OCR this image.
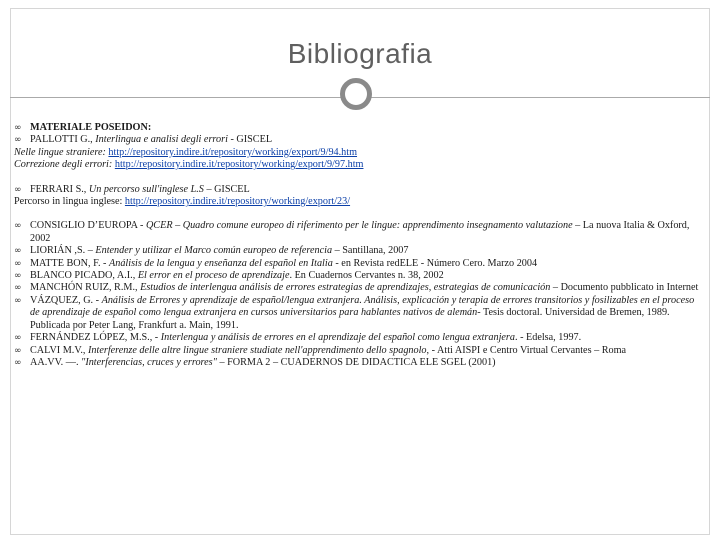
Bibliografia

∞ MATERIALE POSEIDON:

∞ PALLOTTI G., Interlingua e analisi degli errori - GISCEL

Nelle lingue straniere: http://repository.indire.it/repository/working/export/9/94.htm

Correzione degli errori: http://repository.indire.it/repository/working/export/9/97.htm

∞ FERRARI S., Un percorso sull'inglese L.S – GISCEL

Percorso in lingua inglese: http://repository.indire.it/repository/working/export/23/

∞ CONSIGLIO D’EUROPA - QCER – Quadro comune europeo di riferimento per le lingue: apprendimento insegnamento valutazione – La nuova Italia & Oxford, 2002

∞ LIORIÁN ,S. – Entender y utilizar el Marco común europeo de referencia – Santillana, 2007

∞ MATTE BON, F. - Análisis de la lengua y enseñanza del español en Italia - en Revista redELE - Número Cero. Marzo 2004

∞ BLANCO PICADO, A.I., El error en el proceso de aprendizaje. En Cuadernos Cervantes n. 38, 2002

∞ MANCHÓN RUIZ, R.M., Estudios de interlengua análisis de errores estrategias de aprendizajes, estrategias de comunicación – Documento pubblicato in Internet

∞ VÁZQUEZ, G. - Análisis de Errores y aprendizaje de español/lengua extranjera. Análisis, explicación y terapia de errores transitorios y fosilizables en el proceso de aprendizaje de español como lengua extranjera en cursos universitarios para hablantes nativos de alemán- Tesis doctoral. Universidad de Bremen, 1989. Publicada por Peter Lang, Frankfurt a. Main, 1991.

∞ FERNÁNDEZ LÓPEZ, M.S., - Interlengua y análisis de errores en el aprendizaje del español como lengua extranjera. - Edelsa, 1997.

∞ CALVI M.V., Interferenze delle altre lingue straniere studiate nell'apprendimento dello spagnolo, - Atti AISPI e Centro Virtual Cervantes – Roma

∞ AA.VV. —. "Interferencias, cruces y errores" – FORMA 2 – CUADERNOS DE DIDACTICA ELE SGEL (2001)
